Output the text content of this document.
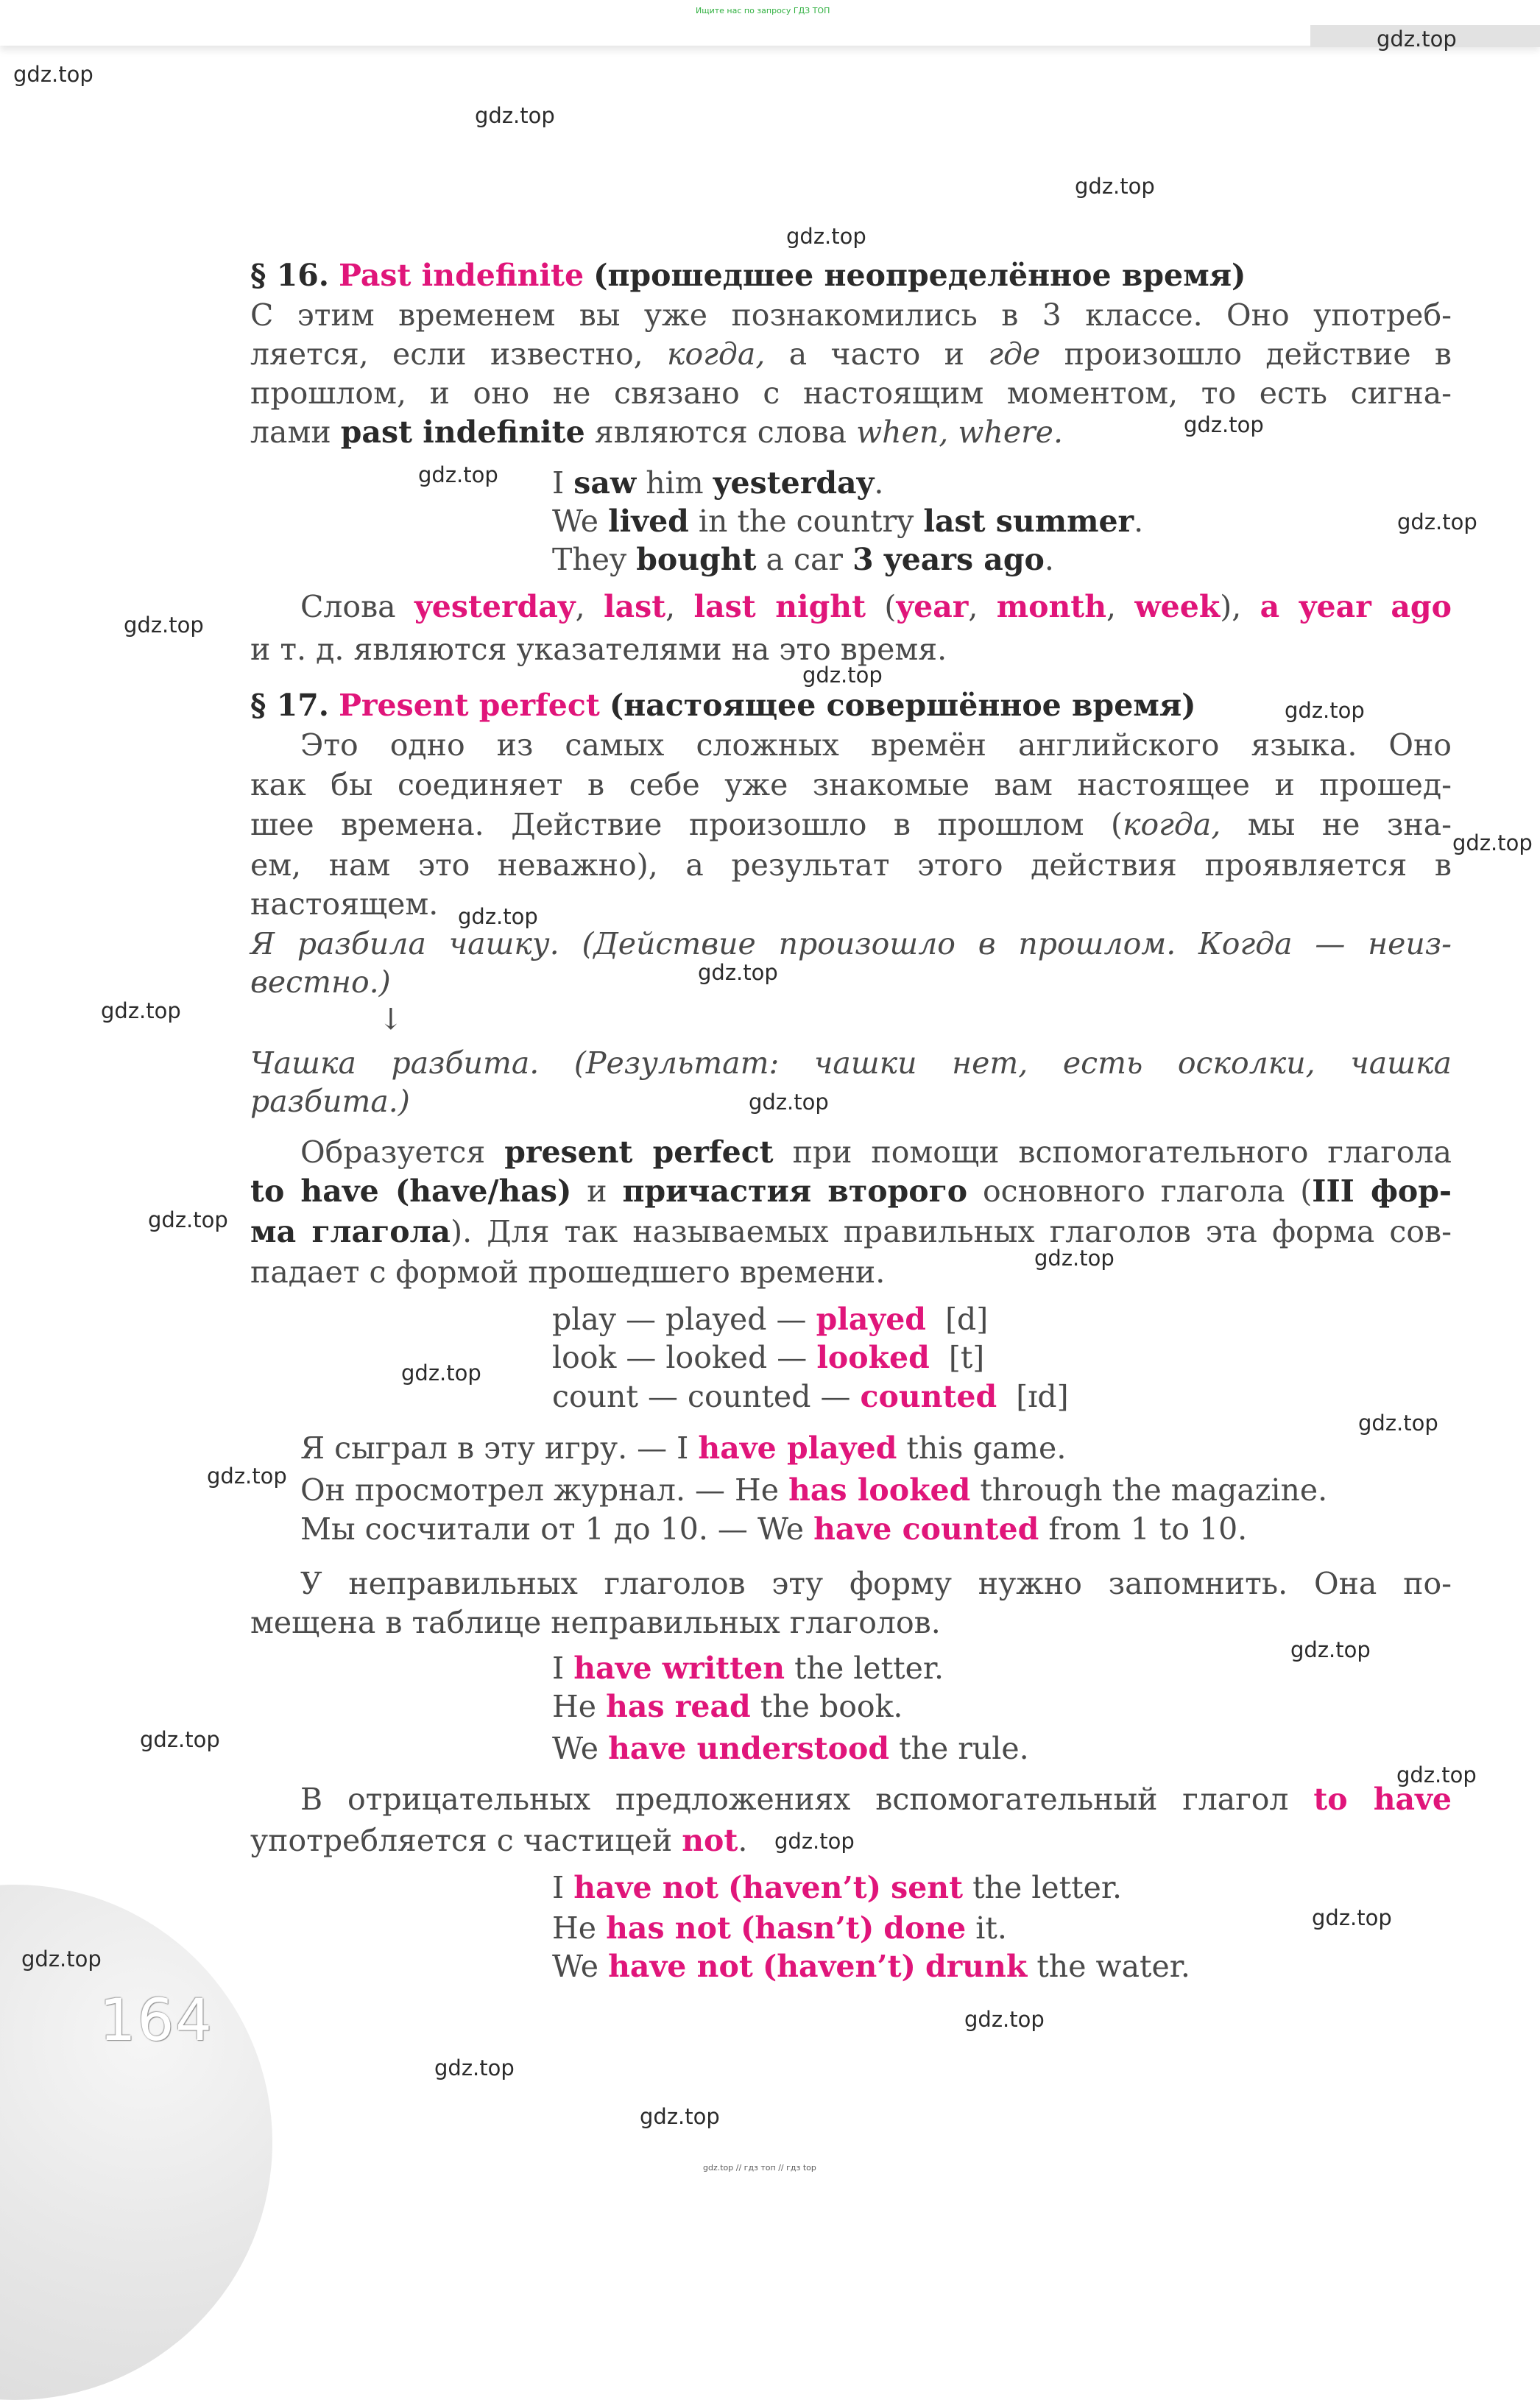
Ищите нас по запросу ГДЗ ТОП
164
§ 16. Past indefinite (прошедшее неопределённое время)
С этим временем вы уже познакомились в 3 классе. Оно употреб-
ляется, если известно, когда, а часто и где произошло действие в
прошлом, и оно не связано с настоящим моментом, то есть сигна-
лами past indefinite являются слова when, where.
I saw him yesterday.
We lived in the country last summer.
They bought a car 3 years ago.
Слова yesterday, last, last night (year, month, week), a year ago
и т. д. являются указателями на это время.
§ 17. Present perfect (настоящее совершённое время)
Это одно из самых сложных времён английского языка. Оно
как бы соединяет в себе уже знакомые вам настоящее и прошед-
шее времена. Действие произошло в прошлом (когда, мы не зна-
ем, нам это неважно), а результат этого действия проявляется в
настоящем.
Я разбила чашку. (Действие произошло в прошлом. Когда — неиз-
вестно.)
↓
Чашка разбита. (Результат: чашки нет, есть осколки, чашка
разбита.)
Образуется present perfect при помощи вспомогательного глагола
to have (have/has) и причастия второго основного глагола (III фор-
ма глагола). Для так называемых правильных глаголов эта форма сов-
падает с формой прошедшего времени.
play — played — played [d]
look — looked — looked [t]
count — counted — counted [ɪd]
Я сыграл в эту игру. — I have played this game.
Он просмотрел журнал. — He has looked through the magazine.
Мы сосчитали от 1 до 10. — We have counted from 1 to 10.
У неправильных глаголов эту форму нужно запомнить. Она по-
мещена в таблице неправильных глаголов.
I have written the letter.
He has read the book.
We have understood the rule.
В отрицательных предложениях вспомогательный глагол to have
употребляется с частицей not.
I have not (haven’t) sent the letter.
He has not (hasn’t) done it.
We have not (haven’t) drunk the water.
gdz.top
gdz.top
gdz.top
gdz.top
gdz.top
gdz.top
gdz.top
gdz.top
gdz.top
gdz.top
gdz.top
gdz.top
gdz.top
gdz.top
gdz.top
gdz.top
gdz.top
gdz.top
gdz.top
gdz.top
gdz.top
gdz.top
gdz.top
gdz.top
gdz.top
gdz.top
gdz.top
gdz.top
gdz.top
gdz.top
gdz.top // гдз топ // гдз top
